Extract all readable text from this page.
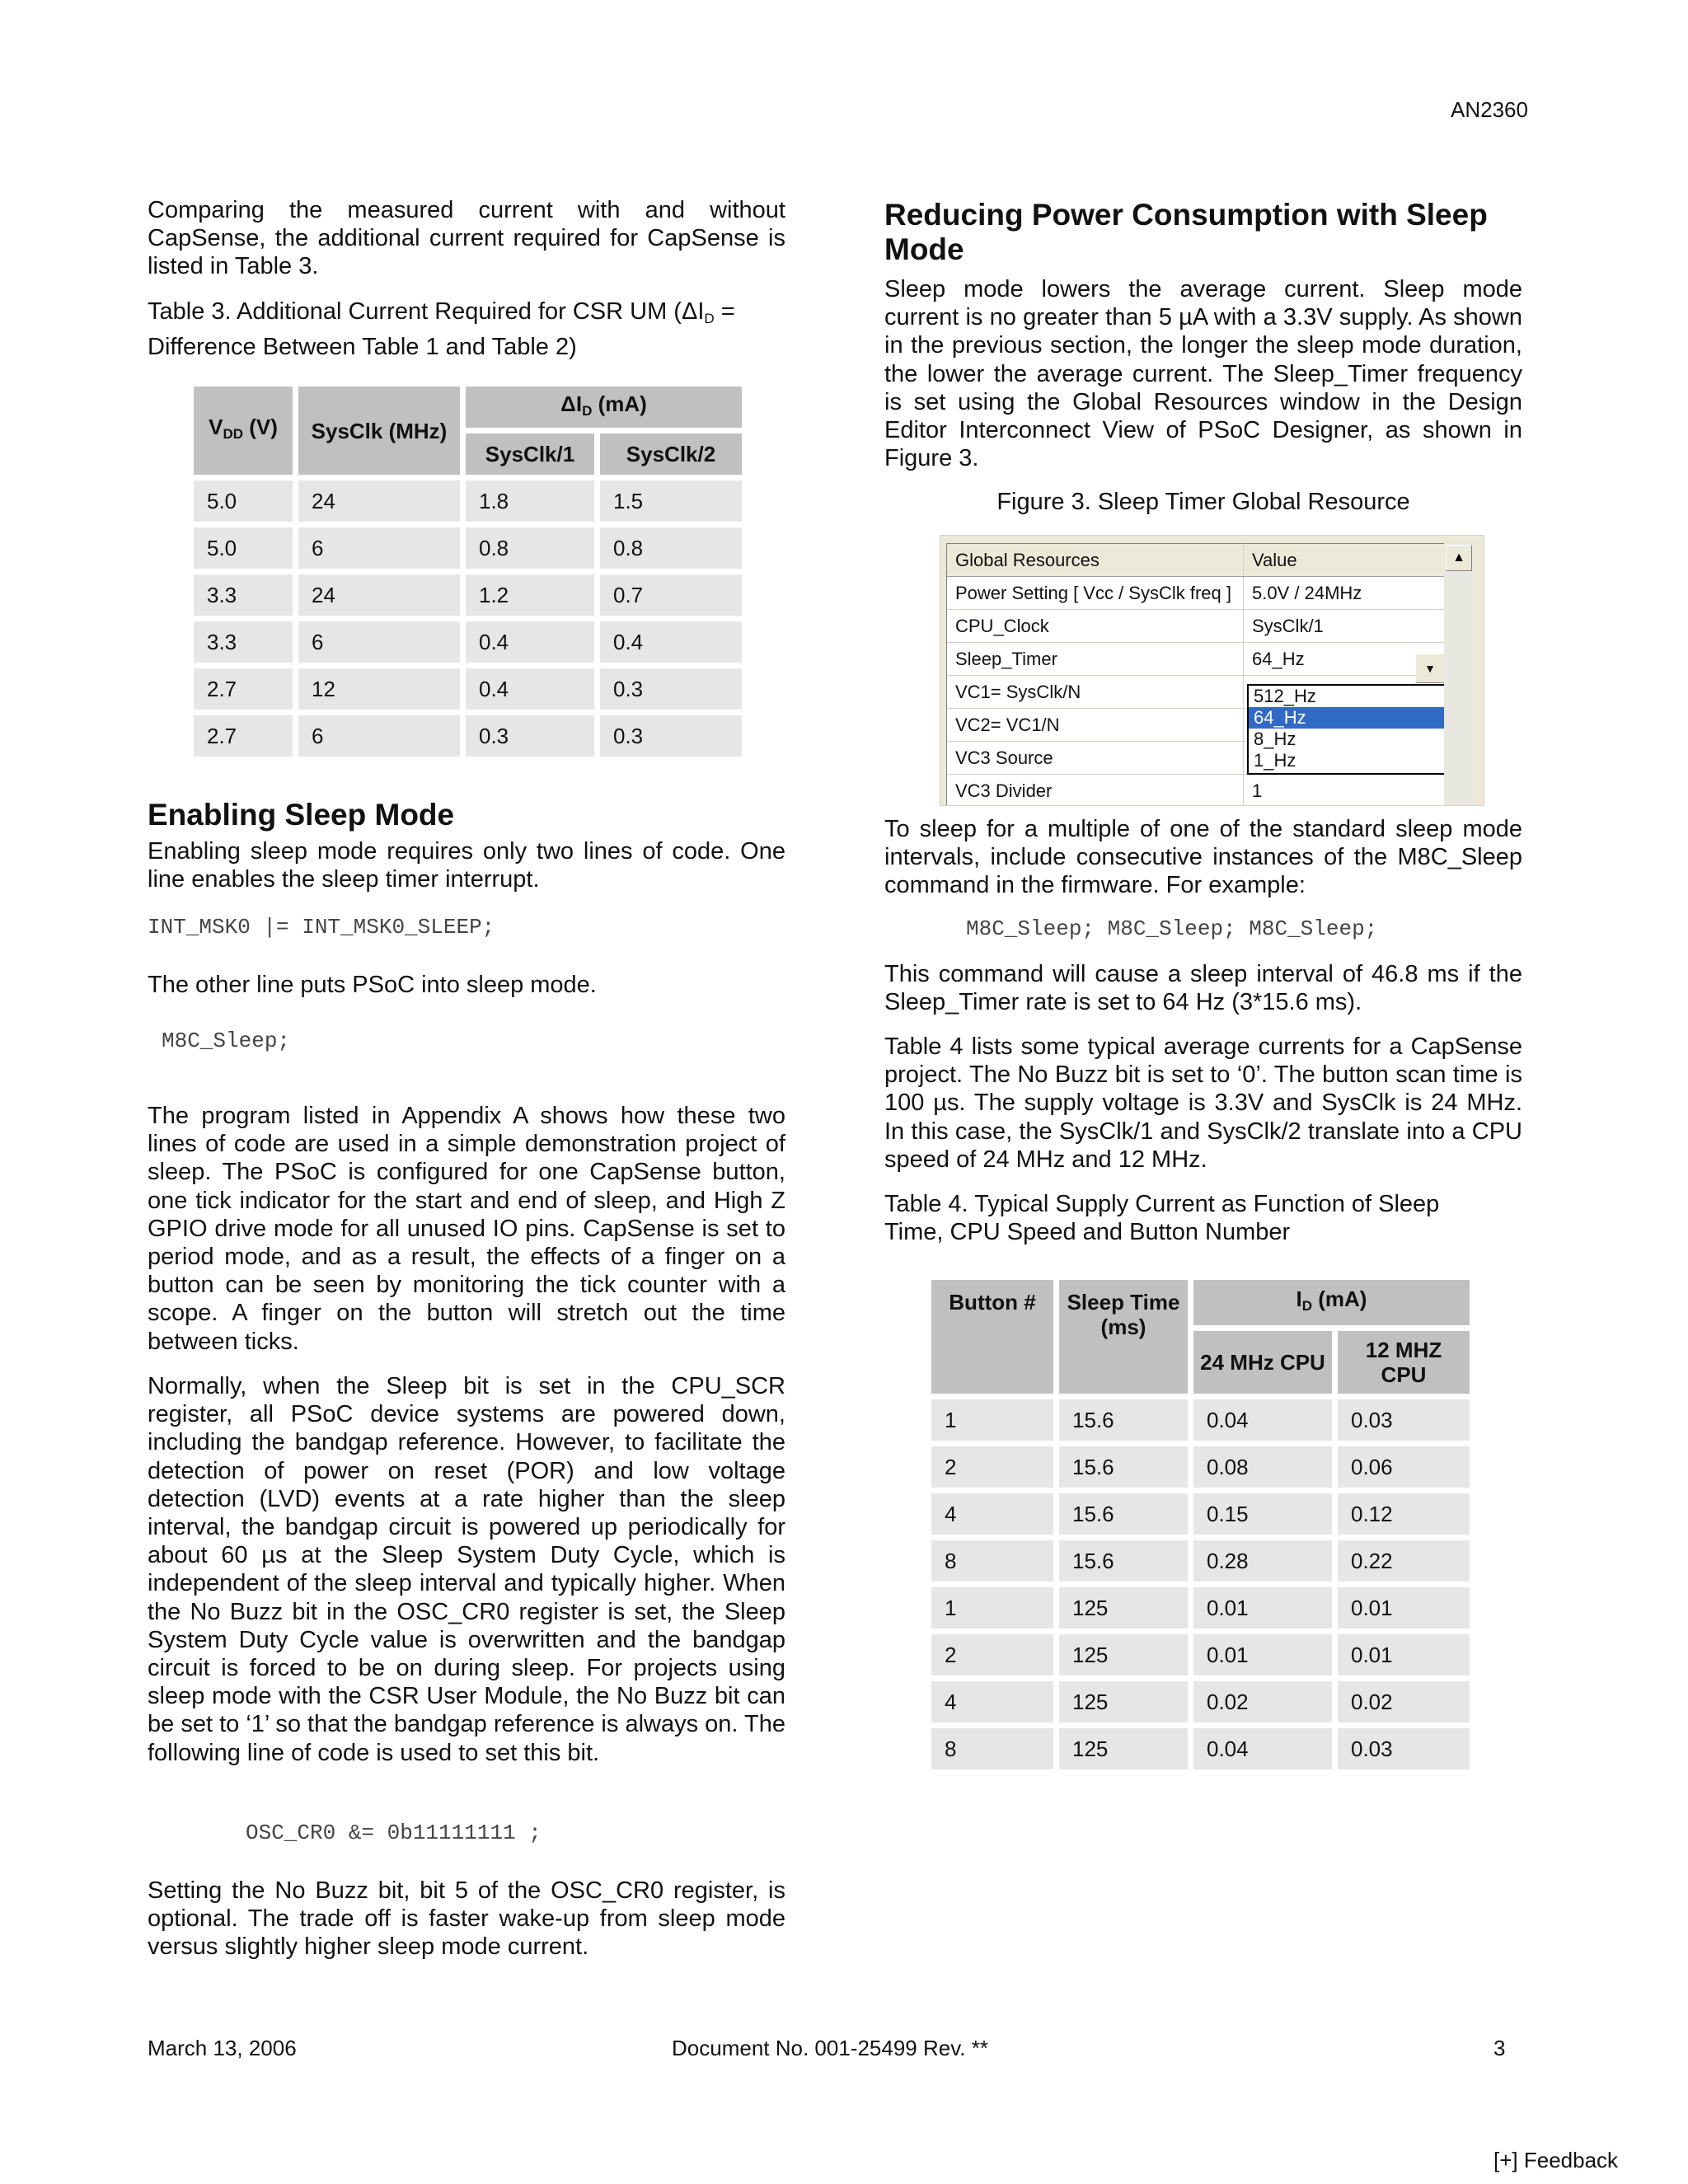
AN2360

Comparing the measured current with and without CapSense, the additional current required for CapSense is listed in Table 3.

Table 3. Additional Current Required for CSR UM ($\Delta I_D$ = Difference Between Table 1 and Table 2)

$V_{DD}$ (V)	SysClk (MHz)	$\Delta I_D$ (mA)	
		SysClk/1	SysClk/2
5.0	24	1.8	1.5
5.0	6	0.8	0.8
3.3	24	1.2	0.7
3.3	6	0.4	0.4
2.7	12	0.4	0.3
2.7	6	0.3	0.3
Enabling Sleep Mode

Enabling sleep mode requires only two lines of code. One line enables the sleep timer interrupt.

INT_MSK0 |= INT_MSK0_SLEEP;

The other line puts PSoC into sleep mode.

M8C_Sleep;

The program listed in Appendix A shows how these two lines of code are used in a simple demonstration project of sleep. The PSoC is configured for one CapSense button, one tick indicator for the start and end of sleep, and High Z GPIO drive mode for all unused IO pins. CapSense is set to period mode, and as a result, the effects of a finger on a button can be seen by monitoring the tick counter with a scope. A finger on the button will stretch out the time between ticks.

Normally, when the Sleep bit is set in the CPU_SCR register, all PSoC device systems are powered down, including the bandgap reference. However, to facilitate the detection of power on reset (POR) and low voltage detection (LVD) events at a rate higher than the sleep interval, the bandgap circuit is powered up periodically for about 60 µs at the Sleep System Duty Cycle, which is independent of the sleep interval and typically higher. When the No Buzz bit in the OSC_CR0 register is set, the Sleep System Duty Cycle value is overwritten and the bandgap circuit is forced to be on during sleep. For projects using sleep mode with the CSR User Module, the No Buzz bit can be set to ‘1’ so that the bandgap reference is always on. The following line of code is used to set this bit.

OSC_CR0 &= 0b11111111 ;

Setting the No Buzz bit, bit 5 of the OSC_CR0 register, is optional. The trade off is faster wake-up from sleep mode versus slightly higher sleep mode current.

Reducing Power Consumption with Sleep Mode

Sleep mode lowers the average current. Sleep mode current is no greater than 5 µA with a 3.3V supply. As shown in the previous section, the longer the sleep mode duration, the lower the average current. The Sleep_Timer frequency is set using the Global Resources window in the Design Editor Interconnect View of PSoC Designer, as shown in Figure 3.

Figure 3. Sleep Timer Global Resource
Global Resources	Value
Power Setting [ Vcc / SysClk freq ] 5.0V / 24MHz
CPU_Clock	SysClk/1
Sleep_Timer	64_Hz
VC1= SysClk/N
VC2= VC1/N
VC3 Source
VC3 Divider	1
▼
512_Hz
64_Hz
8_Hz
1_Hz
▲

To sleep for a multiple of one of the standard sleep mode intervals, include consecutive instances of the M8C_Sleep command in the firmware. For example:

M8C_Sleep; M8C_Sleep; M8C_Sleep;

This command will cause a sleep interval of 46.8 ms if the Sleep_Timer rate is set to 64 Hz (3*15.6 ms).

Table 4 lists some typical average currents for a CapSense project. The No Buzz bit is set to ‘0’. The button scan time is 100 µs. The supply voltage is 3.3V and SysClk is 24 MHz. In this case, the SysClk/1 and SysClk/2 translate into a CPU speed of 24 MHz and 12 MHz.

Table 4. Typical Supply Current as Function of Sleep Time, CPU Speed and Button Number

Button #	Sleep Time (ms)	$I_D$ (mA)	
		24 MHz CPU	12 MHZ CPU
1	15.6	0.04	0.03
2	15.6	0.08	0.06
4	15.6	0.15	0.12
8	15.6	0.28	0.22
1	125	0.01	0.01
2	125	0.01	0.01
4	125	0.02	0.02
8	125	0.04	0.03
March 13, 2006	Document No. 001-25499 Rev. **	3
[+] Feedback
